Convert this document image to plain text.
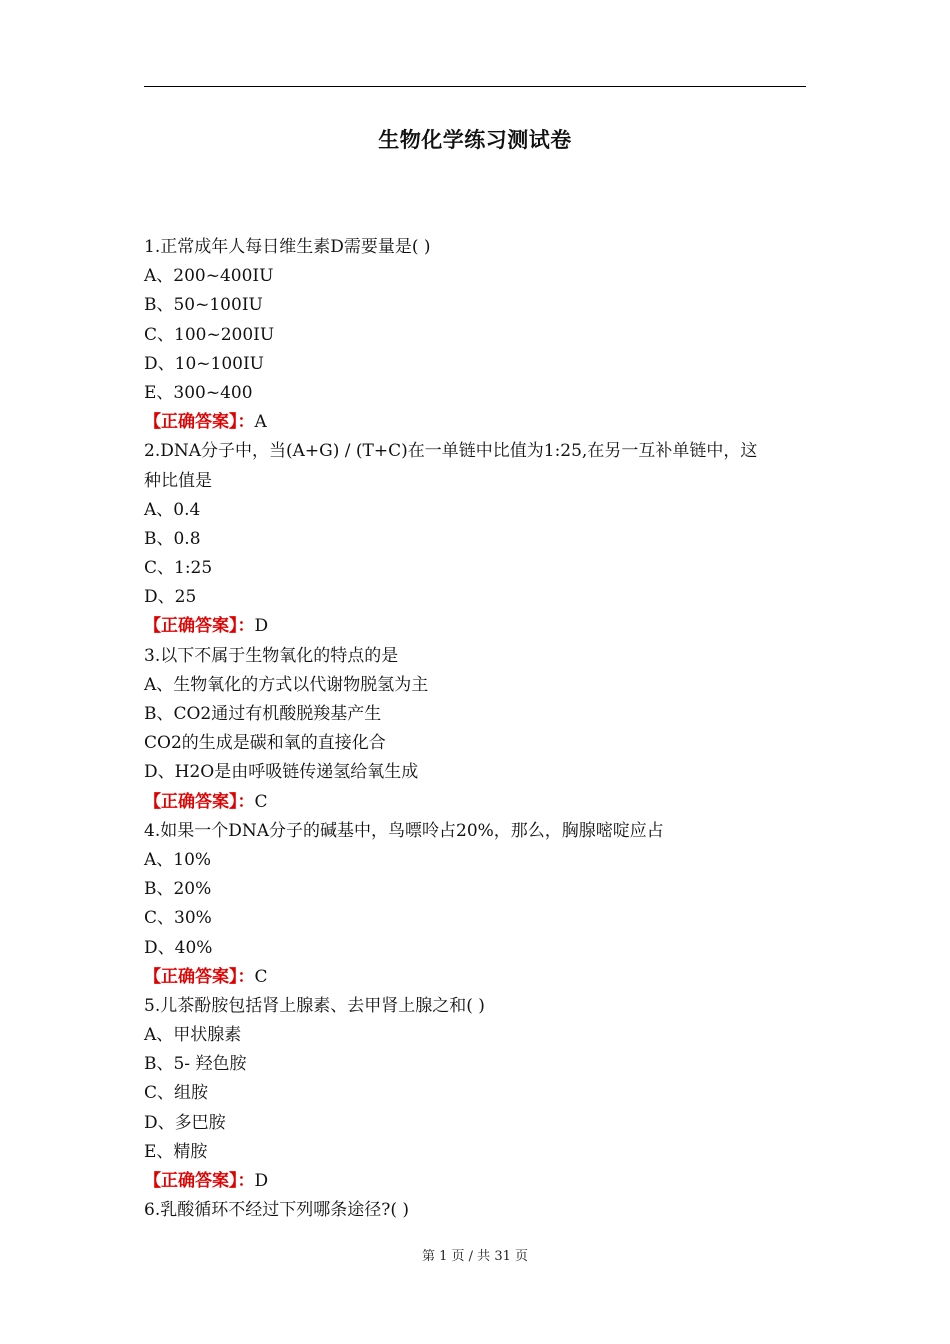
生物化学练习测试卷
1.正常成年人每日维生素D需要量是( )
A、200~400IU
B、50~100IU
C、100~200IU
D、10~100IU
E、300~400
【正确答案】：A
2.DNA分子中，当(A+G) / (T+C)在一单链中比值为1:25,在另一互补单链中，这
种比值是
A、0.4
B、0.8
C、1:25
D、25
【正确答案】：D
3.以下不属于生物氧化的特点的是
A、生物氧化的方式以代谢物脱氢为主
B、CO2通过有机酸脱羧基产生
CO2的生成是碳和氧的直接化合
D、H2O是由呼吸链传递氢给氧生成
【正确答案】：C
4.如果一个DNA分子的碱基中，鸟嘌呤占20%，那么，胸腺嘧啶应占
A、10%
B、20%
C、30%
D、40%
【正确答案】：C
5.儿茶酚胺包括肾上腺素、去甲肾上腺之和( )
A、甲状腺素
B、5- 羟色胺
C、组胺
D、多巴胺
E、精胺
【正确答案】：D
6.乳酸循环不经过下列哪条途径?( )
第 1 页 / 共 31 页
